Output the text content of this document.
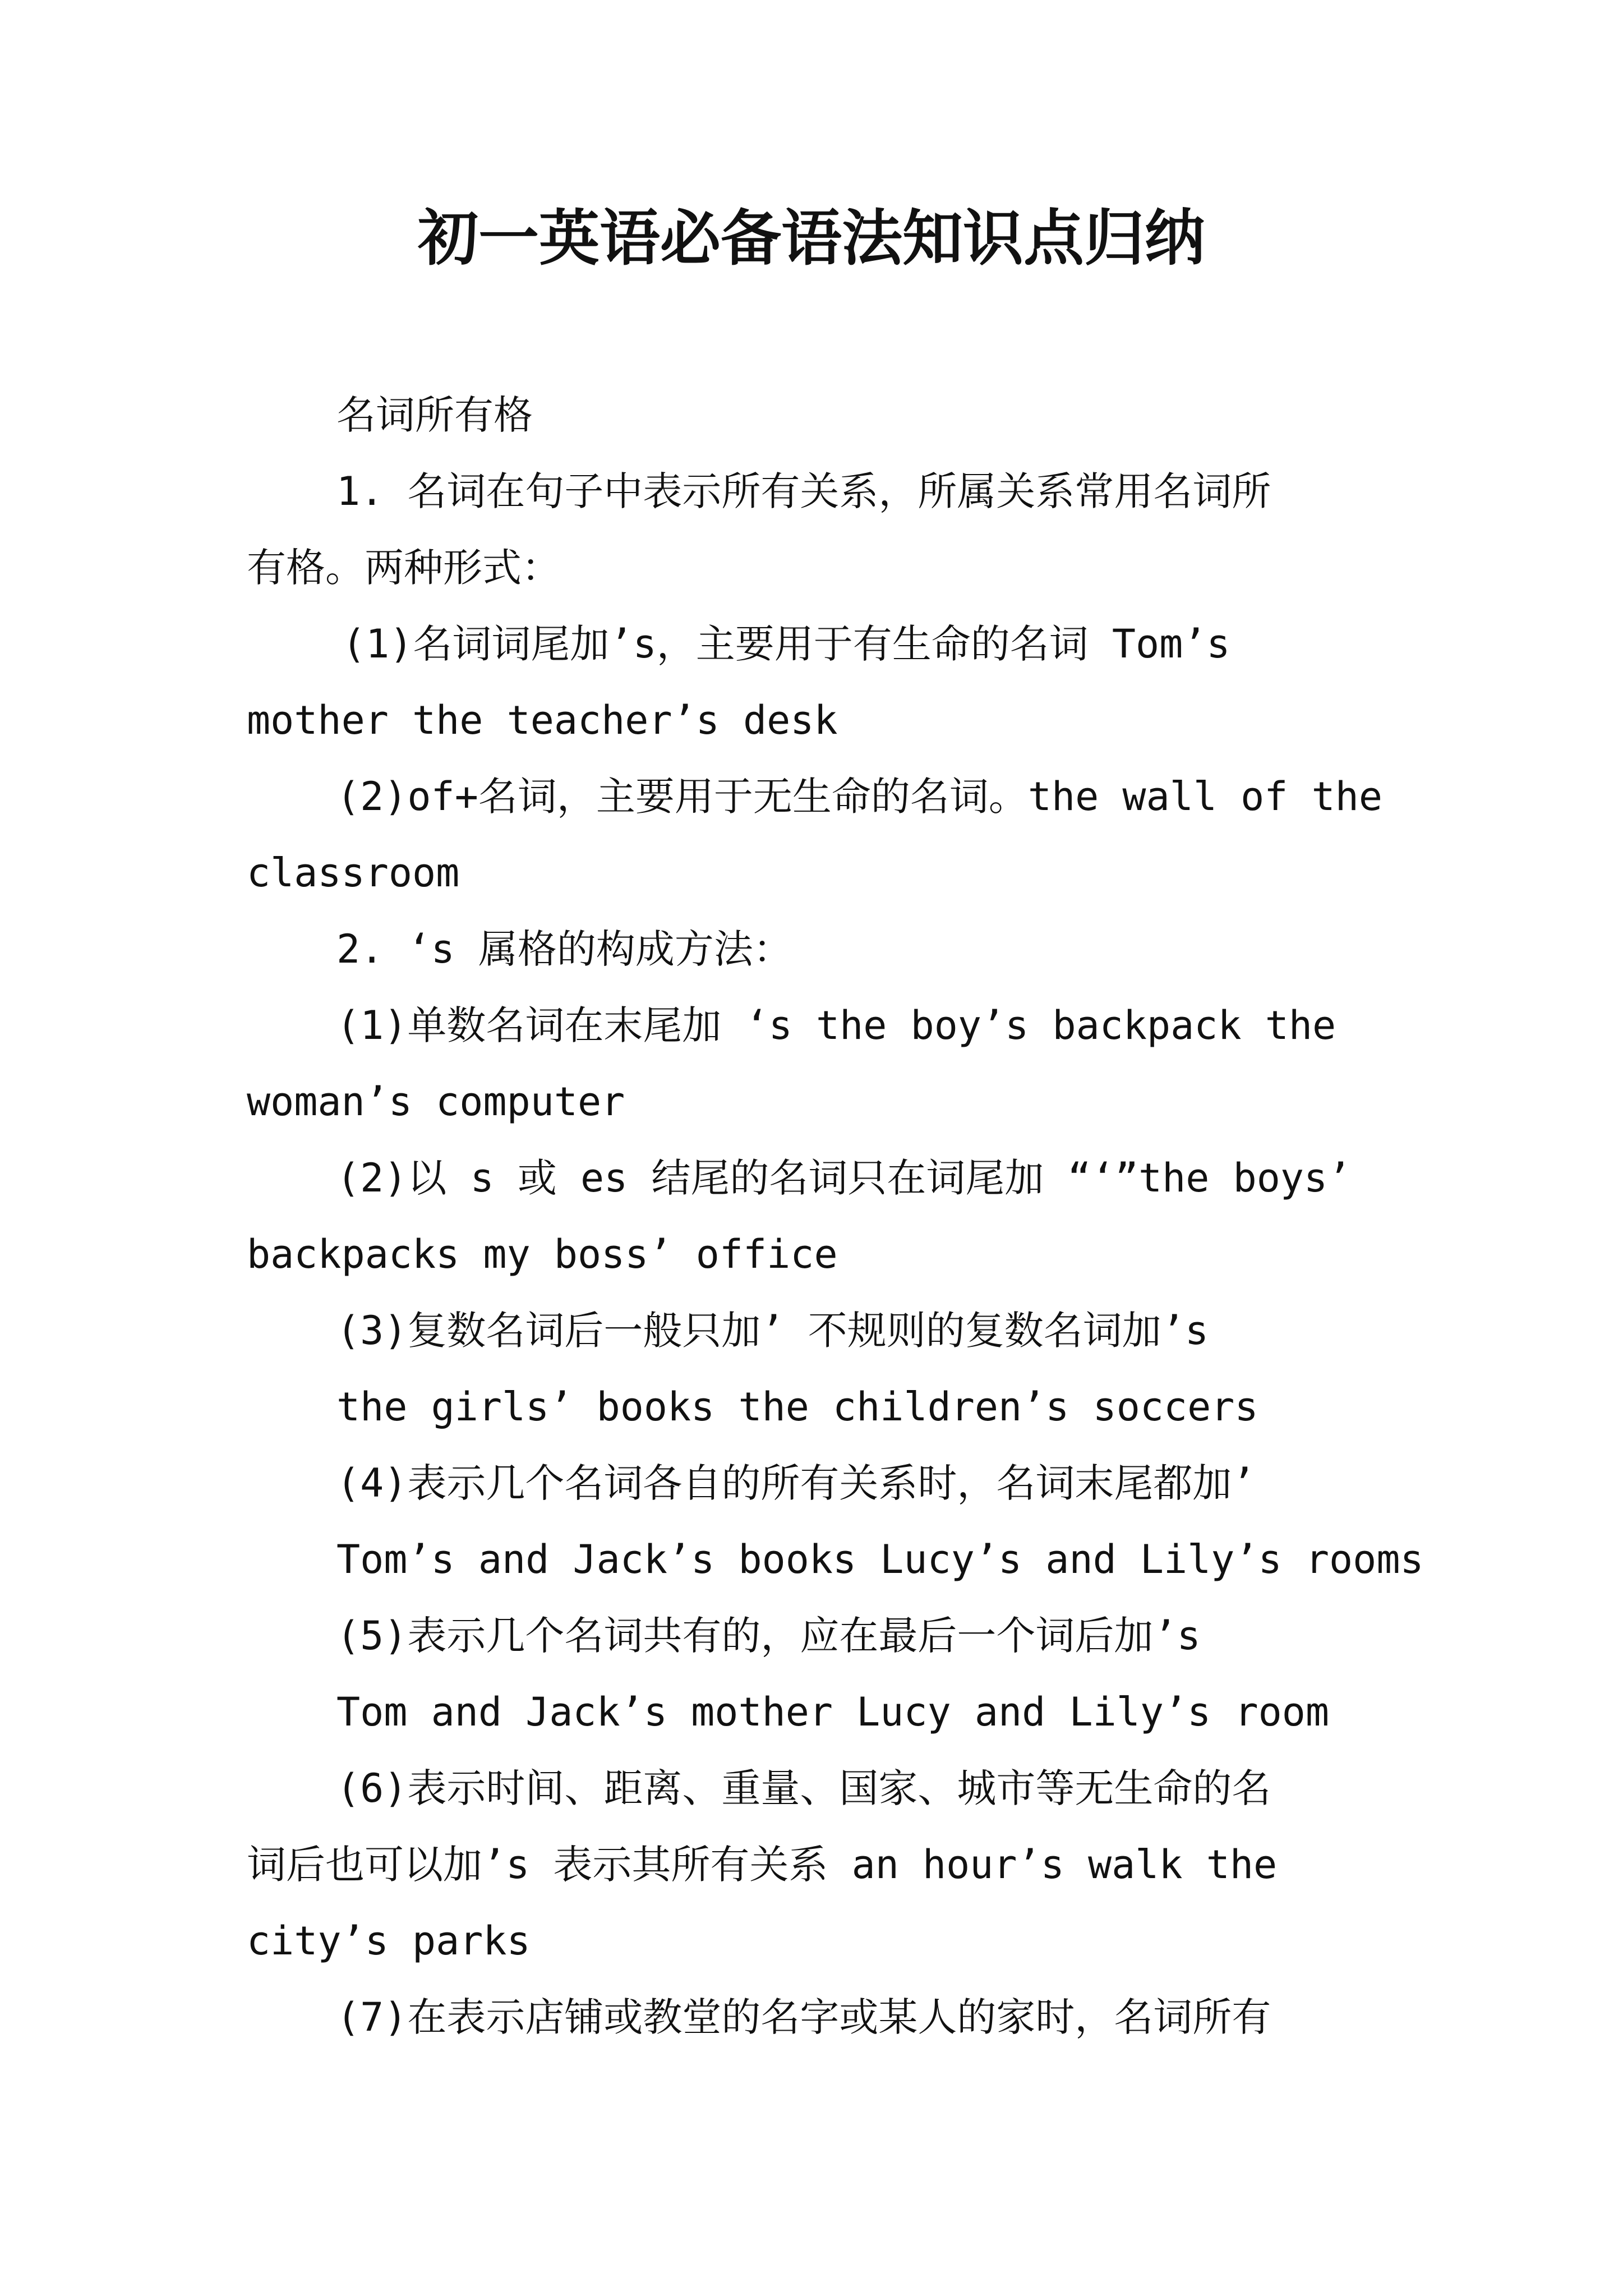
初一英语必备语法知识点归纳
名词所有格
1. 名词在句子中表示所有关系，所属关系常用名词所
有格。两种形式：
(1)名词词尾加’s，主要用于有生命的名词 Tom’s
mother the teacher’s desk
(2)of+名词，主要用于无生命的名词。the wall of the
classroom
2. ‘s 属格的构成方法：
(1)单数名词在末尾加 ‘s the boy’s backpack the
woman’s computer
(2)以 s 或 es 结尾的名词只在词尾加 “‘”the boys’
backpacks my boss’ office
(3)复数名词后一般只加’ 不规则的复数名词加’s
the girls’ books the children’s soccers
(4)表示几个名词各自的所有关系时，名词末尾都加’
Tom’s and Jack’s books Lucy’s and Lily’s rooms
(5)表示几个名词共有的，应在最后一个词后加’s
Tom and Jack’s mother Lucy and Lily’s room
(6)表示时间、距离、重量、国家、城市等无生命的名
词后也可以加’s 表示其所有关系 an hour’s walk the
city’s parks
(7)在表示店铺或教堂的名字或某人的家时，名词所有
